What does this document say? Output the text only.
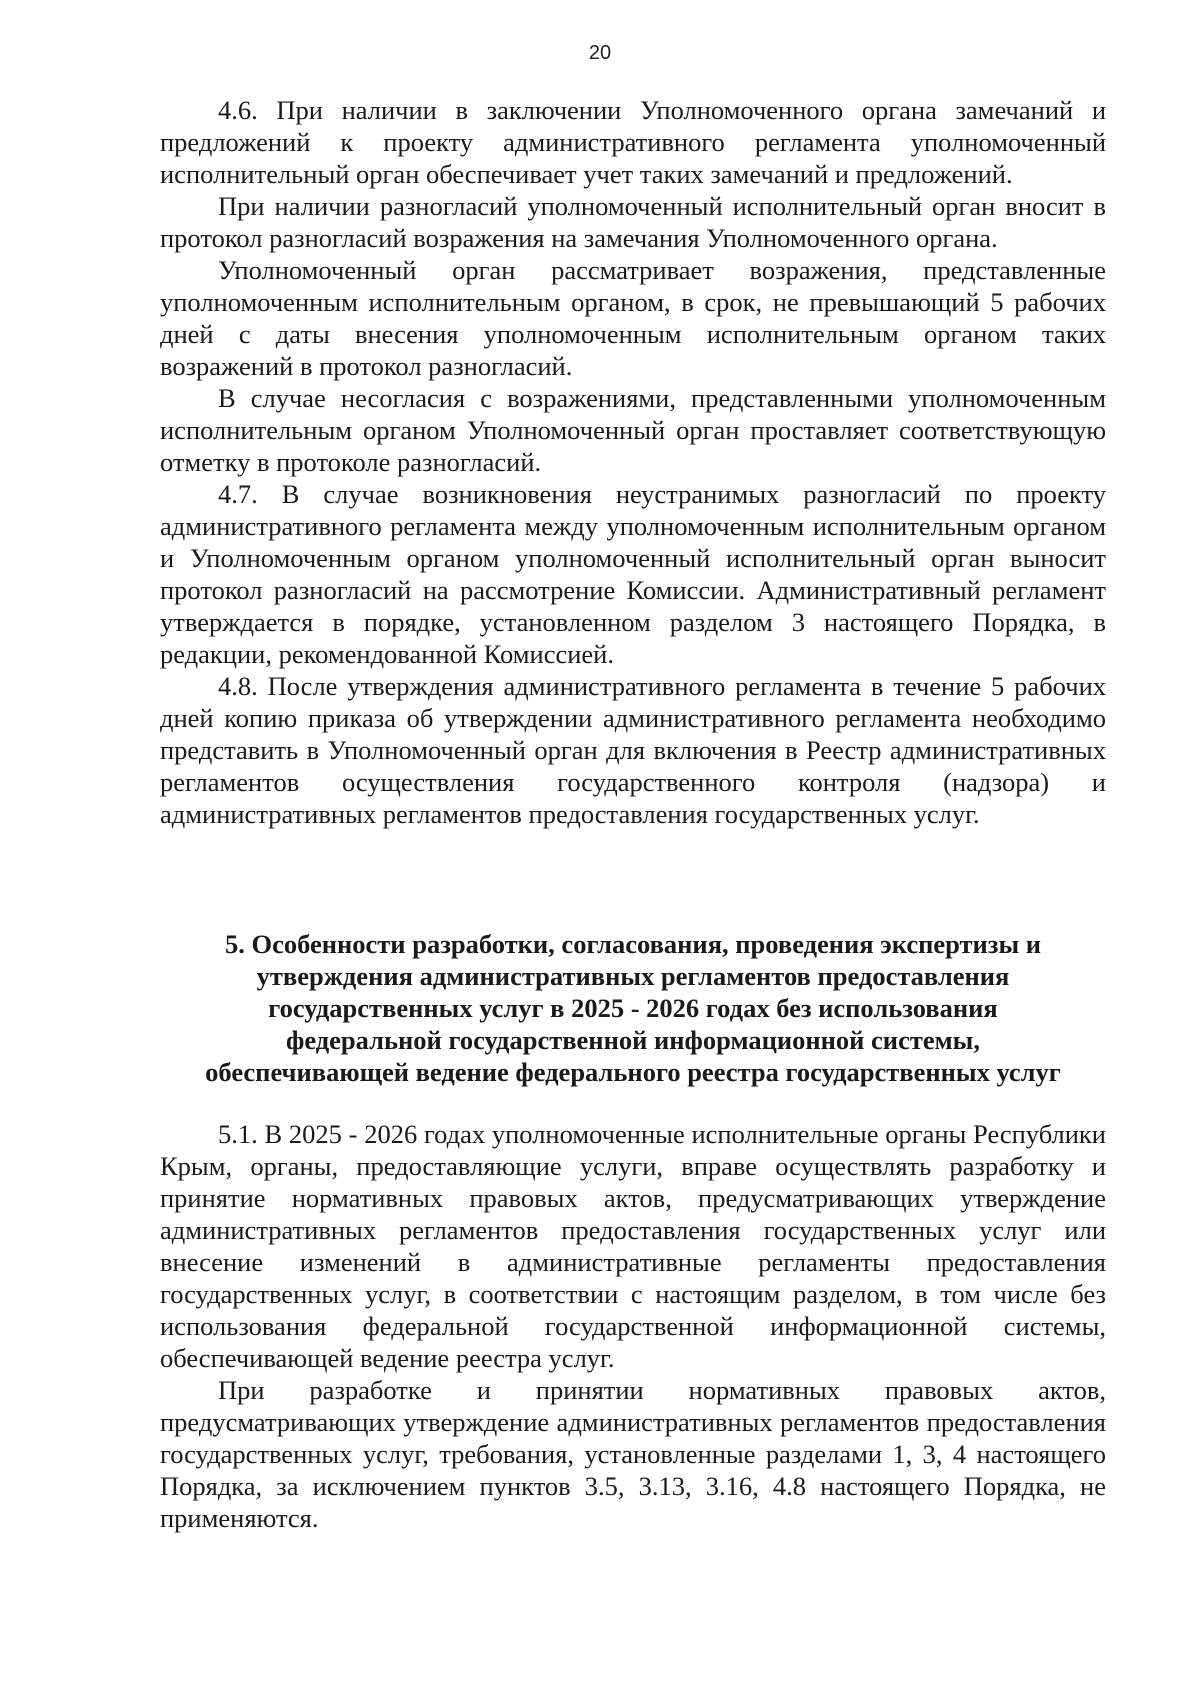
20

4.6. При наличии в заключении Уполномоченного органа замечаний и предложений к проекту административного регламента уполномоченный исполнительный орган обеспечивает учет таких замечаний и предложений.

При наличии разногласий уполномоченный исполнительный орган вносит в протокол разногласий возражения на замечания Уполномоченного органа.

Уполномоченный орган рассматривает возражения, представленные уполномоченным исполнительным органом, в срок, не превышающий 5 рабочих дней с даты внесения уполномоченным исполнительным органом таких возражений в протокол разногласий.

В случае несогласия с возражениями, представленными уполномоченным исполнительным органом Уполномоченный орган проставляет соответствующую отметку в протоколе разногласий.

4.7. В случае возникновения неустранимых разногласий по проекту административного регламента между уполномоченным исполнительным органом и Уполномоченным органом уполномоченный исполнительный орган выносит протокол разногласий на рассмотрение Комиссии. Административный регламент утверждается в порядке, установленном разделом 3 настоящего Порядка, в редакции, рекомендованной Комиссией.

4.8. После утверждения административного регламента в течение 5 рабочих дней копию приказа об утверждении административного регламента необходимо представить в Уполномоченный орган для включения в Реестр административных регламентов осуществления государственного контроля (надзора) и административных регламентов предоставления государственных услуг.

5. Особенности разработки, согласования, проведения экспертизы и
утверждения административных регламентов предоставления
государственных услуг в 2025 - 2026 годах без использования
федеральной государственной информационной системы,
обеспечивающей ведение федерального реестра государственных услуг

5.1. В 2025 - 2026 годах уполномоченные исполнительные органы Республики Крым, органы, предоставляющие услуги, вправе осуществлять разработку и принятие нормативных правовых актов, предусматривающих утверждение административных регламентов предоставления государственных услуг или внесение изменений в административные регламенты предоставления государственных услуг, в соответствии с настоящим разделом, в том числе без использования федеральной государственной информационной системы, обеспечивающей ведение реестра услуг.

При разработке и принятии нормативных правовых актов, предусматривающих утверждение административных регламентов предоставления государственных услуг, требования, установленные разделами 1, 3, 4 настоящего Порядка, за исключением пунктов 3.5, 3.13, 3.16, 4.8 настоящего Порядка, не применяются.
